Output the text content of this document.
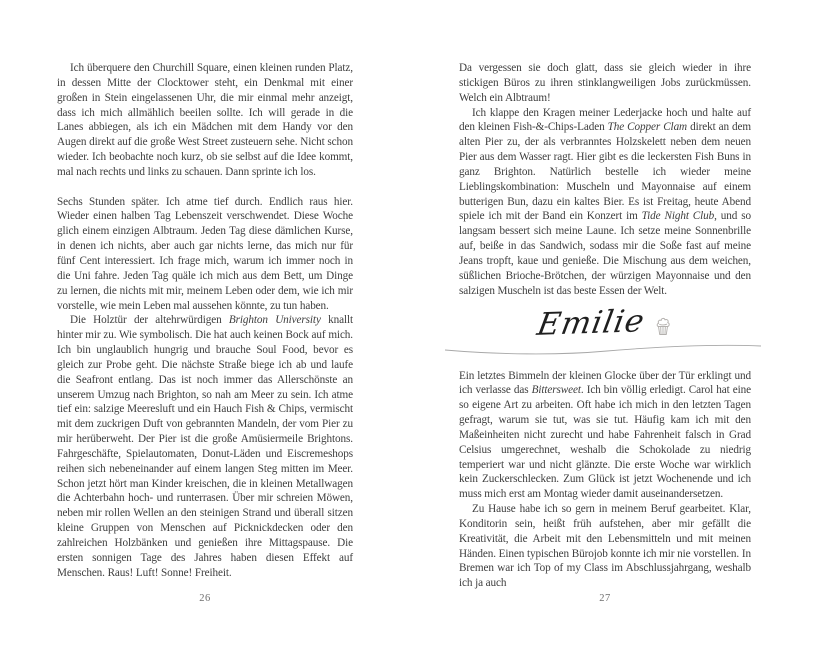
Ich überquere den Churchill Square, einen kleinen runden Platz, in dessen Mitte der Clocktower steht, ein Denkmal mit einer großen in Stein eingelassenen Uhr, die mir einmal mehr anzeigt, dass ich mich allmählich beeilen sollte. Ich will gerade in die Lanes abbiegen, als ich ein Mädchen mit dem Handy vor den Augen direkt auf die große West Street zusteuern sehe. Nicht schon wieder. Ich beobachte noch kurz, ob sie selbst auf die Idee kommt, mal nach rechts und links zu schauen. Dann sprinte ich los.

Sechs Stunden später. Ich atme tief durch. Endlich raus hier. Wieder einen halben Tag Lebenszeit verschwendet. Diese Woche glich einem einzigen Albtraum. Jeden Tag diese dämlichen Kurse, in denen ich nichts, aber auch gar nichts lerne, das mich nur für fünf Cent interessiert. Ich frage mich, warum ich immer noch in die Uni fahre. Jeden Tag quäle ich mich aus dem Bett, um Dinge zu lernen, die nichts mit mir, meinem Leben oder dem, wie ich mir vorstelle, wie mein Leben mal aussehen könnte, zu tun haben.

Die Holztür der altehrwürdigen Brighton University knallt hinter mir zu. Wie symbolisch. Die hat auch keinen Bock auf mich. Ich bin unglaublich hungrig und brauche Soul Food, bevor es gleich zur Probe geht. Die nächste Straße biege ich ab und laufe die Seafront entlang. Das ist noch immer das Allerschönste an unserem Umzug nach Brighton, so nah am Meer zu sein. Ich atme tief ein: salzige Meeresluft und ein Hauch Fish & Chips, vermischt mit dem zuckrigen Duft von gebrannten Mandeln, der vom Pier zu mir herüberweht. Der Pier ist die große Amüsiermeile Brightons. Fahrgeschäfte, Spielautomaten, Donut-Läden und Eiscremeshops reihen sich nebeneinander auf einem langen Steg mitten im Meer. Schon jetzt hört man Kinder kreischen, die in kleinen Metallwagen die Achterbahn hoch- und runterrasen. Über mir schreien Möwen, neben mir rollen Wellen an den steinigen Strand und überall sitzen kleine Gruppen von Menschen auf Picknickdecken oder den zahlreichen Holzbänken und genießen ihre Mittagspause. Die ersten sonnigen Tage des Jahres haben diesen Effekt auf Menschen. Raus! Luft! Sonne! Freiheit.

26

Da vergessen sie doch glatt, dass sie gleich wieder in ihre stickigen Büros zu ihren stinklangweiligen Jobs zurückmüssen. Welch ein Albtraum!

Ich klappe den Kragen meiner Lederjacke hoch und halte auf den kleinen Fish-&-Chips-Laden The Copper Clam direkt an dem alten Pier zu, der als verbranntes Holzskelett neben dem neuen Pier aus dem Wasser ragt. Hier gibt es die leckersten Fish Buns in ganz Brighton. Natürlich bestelle ich wieder meine Lieblingskombination: Muscheln und Mayonnaise auf einem butterigen Bun, dazu ein kaltes Bier. Es ist Freitag, heute Abend spiele ich mit der Band ein Konzert im Tide Night Club, und so langsam bessert sich meine Laune. Ich setze meine Sonnenbrille auf, beiße in das Sandwich, sodass mir die Soße fast auf meine Jeans tropft, kaue und genieße. Die Mischung aus dem weichen, süßlichen Brioche-Brötchen, der würzigen Mayonnaise und den salzigen Muscheln ist das beste Essen der Welt.

Emilie

Ein letztes Bimmeln der kleinen Glocke über der Tür erklingt und ich verlasse das Bittersweet. Ich bin völlig erledigt. Carol hat eine so eigene Art zu arbeiten. Oft habe ich mich in den letzten Tagen gefragt, warum sie tut, was sie tut. Häufig kam ich mit den Maßeinheiten nicht zurecht und habe Fahrenheit falsch in Grad Celsius umgerechnet, weshalb die Schokolade zu niedrig temperiert war und nicht glänzte. Die erste Woche war wirklich kein Zuckerschlecken. Zum Glück ist jetzt Wochenende und ich muss mich erst am Montag wieder damit auseinandersetzen.

Zu Hause habe ich so gern in meinem Beruf gearbeitet. Klar, Konditorin sein, heißt früh aufstehen, aber mir gefällt die Kreativität, die Arbeit mit den Lebensmitteln und mit meinen Händen. Einen typischen Bürojob konnte ich mir nie vorstellen. In Bremen war ich Top of my Class im Abschlussjahrgang, weshalb ich ja auch

27
